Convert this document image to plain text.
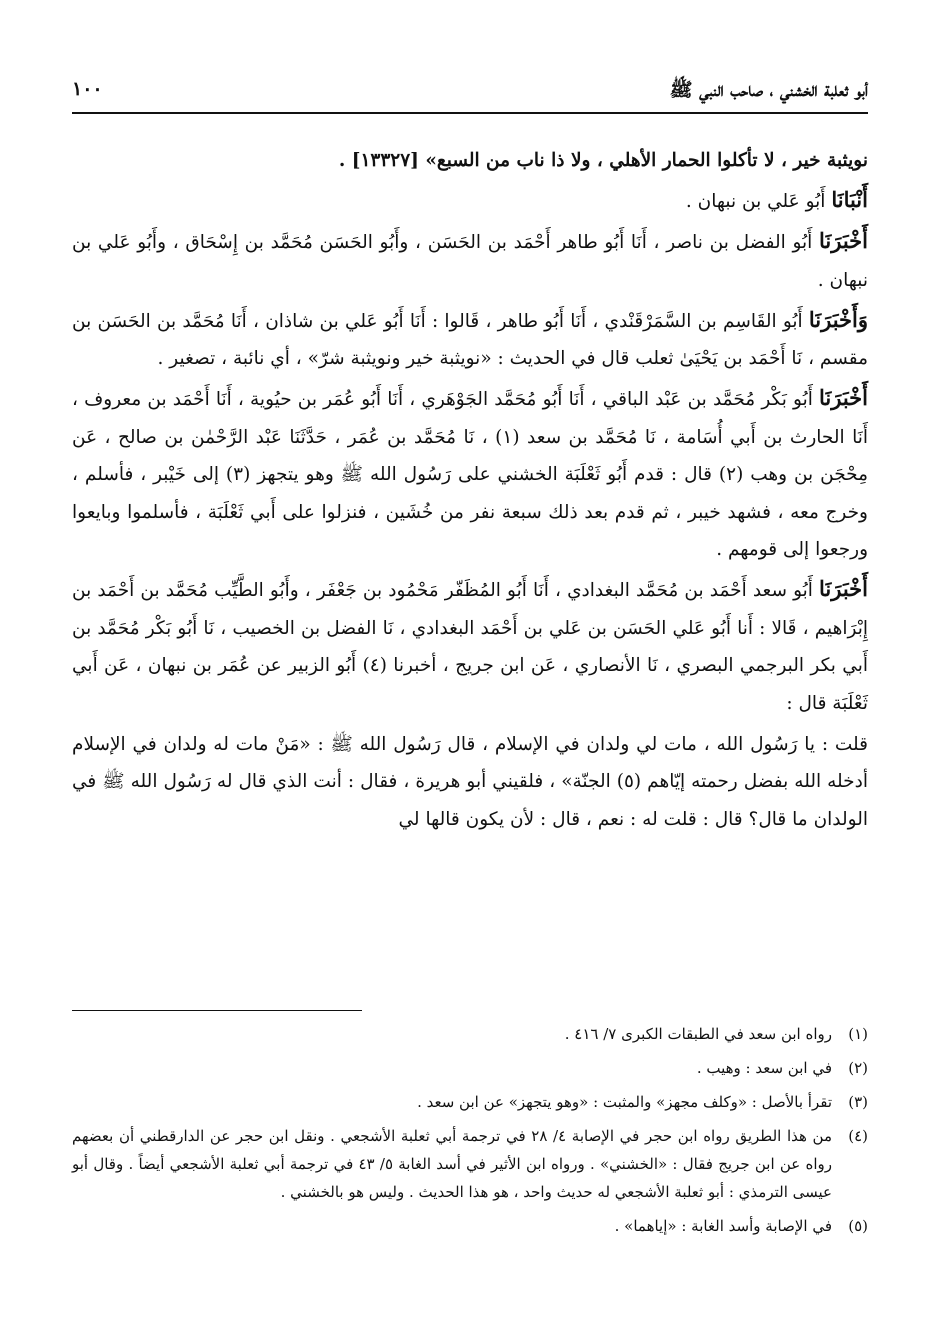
أبو ثعلبة الخشني ، صاحب النبي ﷺ
١٠٠

نويثبة خير ، لا تأكلوا الحمار الأهلي ، ولا ذا ناب من السبع» [١٣٣٢٧] .

أَنْبَانَا أَبُو عَلي بن نبهان .

أَخْبَرَنَا أَبُو الفضل بن ناصر ، أَنَا أَبُو طاهر أَحْمَد بن الحَسَن ، وأَبُو الحَسَن مُحَمَّد بن إِسْحَاق ، وأَبُو عَلي بن نبهان .

وَأَخْبَرَنَا أَبُو القَاسِم بن السَّمَرْقَنْدي ، أَنَا أَبُو طاهر ، قَالوا : أَنَا أَبُو عَلي بن شاذان ، أَنَا مُحَمَّد بن الحَسَن بن مقسم ، نَا أَحْمَد بن يَحْيَىٰ ثعلب قال في الحديث : «نويثبة خير ونويثبة شرّ» ، أي نائبة ، تصغير .

أَخْبَرَنَا أَبُو بَكْر مُحَمَّد بن عَبْد الباقي ، أَنَا أَبُو مُحَمَّد الجَوْهَري ، أَنَا أَبُو عُمَر بن حيُوية ، أَنَا أَحْمَد بن معروف ، أَنَا الحارث بن أَبي أُسَامة ، نَا مُحَمَّد بن سعد (١) ، نَا مُحَمَّد بن عُمَر ، حَدَّثَنَا عَبْد الرَّحْمٰن بن صالح ، عَن مِحْجَن بن وهب (٢) قال : قدم أَبُو ثَعْلَبَة الخشني على رَسُول الله ﷺ وهو يتجهز (٣) إلى خَيْبر ، فأسلم ، وخرج معه ، فشهد خيبر ، ثم قدم بعد ذلك سبعة نفر من خُشَين ، فنزلوا على أَبي ثَعْلَبَة ، فأسلموا وبايعوا ورجعوا إلى قومهم .

أَخْبَرَنَا أَبُو سعد أَحْمَد بن مُحَمَّد البغدادي ، أَنَا أَبُو المُظَفّر مَحْمُود بن جَعْفَر ، وأَبُو الطَّيِّب مُحَمَّد بن أَحْمَد بن إِبْرَاهيم ، قَالا : أَنا أَبُو عَلي الحَسَن بن عَلي بن أَحْمَد البغدادي ، نَا الفضل بن الخصيب ، نَا أَبُو بَكْر مُحَمَّد بن أَبي بكر البرجمي البصري ، نَا الأنصاري ، عَن ابن جريج ، أخبرنا (٤) أَبُو الزبير عن عُمَر بن نبهان ، عَن أَبي ثَعْلَبَة قال :

قلت : يا رَسُول الله ، مات لي ولدان في الإسلام ، قال رَسُول الله ﷺ : «مَنْ مات له ولدان في الإسلام أدخله الله بفضل رحمته إيّاهم (٥) الجنّة» ، فلقيني أبو هريرة ، فقال : أنت الذي قال له رَسُول الله ﷺ في الولدان ما قال؟ قال : قلت له : نعم ، قال : لأن يكون قالها لي

(١)
رواه ابن سعد في الطبقات الكبرى ٧/ ٤١٦ .
(٢)
في ابن سعد : وهيب .
(٣)
تقرأ بالأصل : «وكلف مجهز» والمثبت : «وهو يتجهز» عن ابن سعد .
(٤)
من هذا الطريق رواه ابن حجر في الإصابة ٤/ ٢٨ في ترجمة أبي ثعلبة الأشجعي . ونقل ابن حجر عن الدارقطني أن بعضهم رواه عن ابن جريج فقال : «الخشني» . ورواه ابن الأثير في أسد الغابة ٥/ ٤٣ في ترجمة أبي ثعلبة الأشجعي أيضاً . وقال أبو عيسى الترمذي : أبو ثعلبة الأشجعي له حديث واحد ، هو هذا الحديث . وليس هو بالخشني .
(٥)
في الإصابة وأسد الغابة : «إياهما» .
